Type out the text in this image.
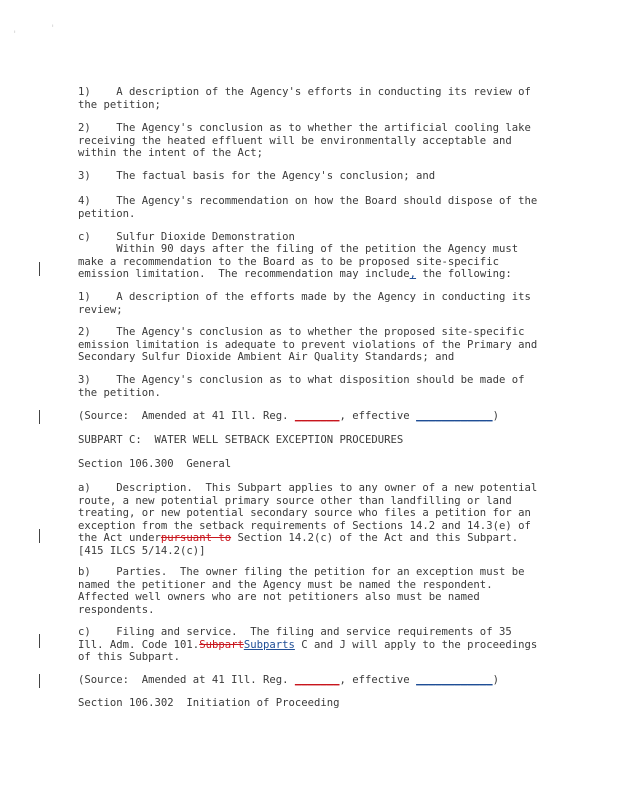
'
'
1)    A description of the Agency's efforts in conducting its review of the petition;
2)    The Agency's conclusion as to whether the artificial cooling lake receiving the heated effluent will be environmentally acceptable and within the intent of the Act;
3)    The factual basis for the Agency's conclusion; and
4)    The Agency's recommendation on how the Board should dispose of the petition.
c)    Sulfur Dioxide Demonstration
Within 90 days after the filing of the petition the Agency must make a recommendation to the Board as to be proposed site-specific emission limitation.  The recommendation may include, the following:
1)    A description of the efforts made by the Agency in conducting its review;
2)    The Agency's conclusion as to whether the proposed site-specific emission limitation is adequate to prevent violations of the Primary and Secondary Sulfur Dioxide Ambient Air Quality Standards; and
3)    The Agency's conclusion as to what disposition should be made of the petition.
(Source:  Amended at 41 Ill. Reg. _______, effective ____________)
SUBPART C:  WATER WELL SETBACK EXCEPTION PROCEDURES
Section 106.300  General
a)    Description.  This Subpart applies to any owner of a new potential route, a new potential primary source other than landfilling or land treating, or new potential secondary source who files a petition for an exception from the setback requirements of Sections 14.2 and 14.3(e) of the Act underpursuant to Section 14.2(c) of the Act and this Subpart. [415 ILCS 5/14.2(c)]
b)    Parties.  The owner filing the petition for an exception must be named the petitioner and the Agency must be named the respondent. Affected well owners who are not petitioners also must be named respondents.
c)    Filing and service.  The filing and service requirements of 35 Ill. Adm. Code 101.SubpartSubparts C and J will apply to the proceedings of this Subpart.
(Source:  Amended at 41 Ill. Reg. _______, effective ____________)
Section 106.302  Initiation of Proceeding
